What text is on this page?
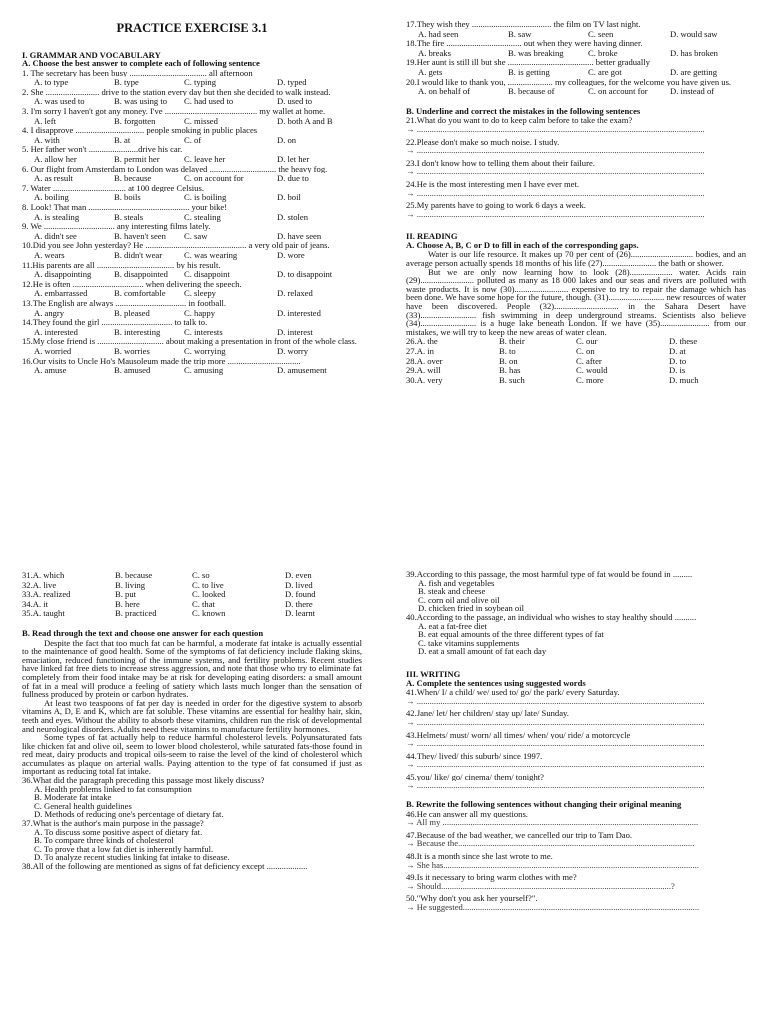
PRACTICE EXERCISE 3.1
I. GRAMMAR AND VOCABULARY
A. Choose the best answer to complete each of following sentence
1. The secretary has been busy .................................... all afternoon
A. to type	B. type	C. typing	D. typed
2. She ......................... drive to the station every day but then she decided to walk instead.
A. was used to	B. was using to	C. had used to	D. used to
3. I'm sorry I haven't got any money. I've ........................................... my wallet at home.
A. left	B. forgotten	C. missed	D. both A and B
4. I disapprove ................................ people smoking in public places
A. with	B. at	C. of	D. on
5. Her father won't .......................drive his car.
A. allow her	B. permit her	C. leave her	D. let her
6. Our flight from Amsterdam to London was delayed ............................... the heavy fog.
A. as result	B. because	C. on account for	D. due to
7. Water .................................. at 100 degree Celsius.
A. boiling	B. boils	C. is boiling	D. boil
8. Look! That man ............................................... your bike!
A. is stealing	B. steals	C. stealing	D. stolen
9. We ................................. any interesting films lately.
A. didn't see	B. haven't seen	C. saw	D. have seen
10.Did you see John yesterday? He ............................................... a very old pair of jeans.
A. wears	B. didn't wear	C. was wearing	D. wore
11.His parents are all .................................... by his result.
A. disappointing	B. disappointed	C. disappoint	D. to disappoint
12.He is often ................................. when delivering the speech.
A. embarrassed	B. comfortable	C. sleepy	D. relaxed
13.The English are always ................................. in football.
A. angry	B. pleased	C. happy	D. interested
14.They found the girl ................................. to talk to.
A. interested	B. interesting	C. interests	D. interest
15.My close friend is ............................... about making a presentation in front of the whole class.
A. worried	B. worries	C. worrying	D. worry
16.Our visits to Uncle Ho's Mausoleum made the trip more ..................................
A. amuse	B. amused	C. amusing	D. amusement
17.They wish they ..................................... the film on TV last night.
A. had seen	B. saw	C. seen	D. would saw
18.The fire ................................... out when they were having dinner.
A. breaks	B. was breaking	C. broke	D. has broken
19.Her aunt is still ill but she ........................................ better gradually
A. gets	B. is getting	C. are got	D. are getting
20.I would like to thank you, ..................... my colleagues, for the welcome you have given us.
A. on behalf of	B. because of	C. on account for	D. instead of
B. Underline and correct the mistakes in the following sentences
21.What do you want to do to keep calm before to take the exam?
→ ......................................................................................................................................
22.Please don't make so much noise. I study.
→ ......................................................................................................................................
23.I don't know how to telling them about their failure.
→ ......................................................................................................................................
24.He is the most interesting men I have ever met.
→ ......................................................................................................................................
25.My parents have to going to work 6 days a week.
→ ......................................................................................................................................
II. READING
A. Choose A, B, C or D to fill in each of the corresponding gaps.
Water is our life resource. It makes up 70 per cent of (26)............................. bodies, and an average person actually spends 18 months of his life (27)......................... the bath or shower.
But we are only now learning how to look (28).................... water. Acids rain (29)......................... polluted as many as 18 000 lakes and our seas and rivers are polluted with waste products. It is now (30)......................... expensive to try to repair the damage which has been done. We have some hope for the future, though. (31).......................... new resources of water have been discovered. People (32).............................. in the Sahara Desert have (33).......................... fish swimming in deep underground streams. Scientists also believe (34).......................... is a huge lake beneath London. If we have (35)....................... from our mistakes, we will try to keep the new areas of water clean.
26.A. the	B. their	C. our	D. these
27.A. in	B. to	C. on	D. at
28.A. over	B. on	C. after	D. to
29.A. will	B. has	C. would	D. is
30.A. very	B. such	C. more	D. much
31.A. which	B. because	C. so	D. even
32.A. live	B. living	C. to live	D. lived
33.A. realized	B. put	C. looked	D. found
34.A. it	B. here	C. that	D. there
35.A. taught	B. practiced	C. known	D. learnt
B. Read through the text and choose one answer for each question
Despite the fact that too much fat can be harmful, a moderate fat intake is actually essential to the maintenance of good health. Some of the symptoms of fat deficiency include flaking skins, emaciation, reduced functioning of the immune systems, and fertility problems. Recent studies have linked fat free diets to increase stress aggression, and note that those who try to eliminate fat completely from their food intake may be at risk for developing eating disorders: a small amount of fat in a meal will produce a feeling of satiety which lasts much longer than the sensation of fullness produced by protein or carbon hydrates.
At least two teaspoons of fat per day is needed in order for the digestive system to absorb vitamins A, D, E and K, which are fat soluble. These vitamins are essential for healthy hair, skin, teeth and eyes. Without the ability to absorb these vitamins, children run the risk of developmental and neurological disorders. Adults need these vitamins to manufacture fertility hormones.
Some types of fat actually help to reduce harmful cholesterol levels. Polyunsaturated fats like chicken fat and olive oil, seem to lower blood cholesterol, while saturated fats-those found in red meat, dairy products and tropical oils-seem to raise the level of the kind of cholesterol which accumulates as plaque on arterial walls. Paying attention to the type of fat consumed if just as important as reducing total fat intake.
36.What did the paragraph preceding this passage most likely discuss?
A. Health problems linked to fat consumption
B. Moderate fat intake
C. General health guidelines
D. Methods of reducing one's percentage of dietary fat.
37.What is the author's main purpose in the passage?
A. To discuss some positive aspect of dietary fat.
B. To compare three kinds of cholesterol
C. To prove that a low fat diet is inherently harmful.
D. To analyze recent studies linking fat intake to disease.
38.All of the following are mentioned as signs of fat deficiency except ...................
39.According to this passage, the most harmful type of fat would be found in .........
A. fish and vegetables
B. steak and cheese
C. corn oil and olive oil
D. chicken fried in soybean oil
40.According to the passage, an individual who wishes to stay healthy should ..........
A. eat a fat-free diet
B. eat equal amounts of the three different types of fat
C. take vitamins supplements
D. eat a small amount of fat each day
III. WRITING
A. Complete the sentences using suggested words
41.When/ I/ a child/ we/ used to/ go/ the park/ every Saturday.
→ ......................................................................................................................................
42.Jane/ let/ her children/ stay up/ late/ Sunday.
→ ......................................................................................................................................
43.Helmets/ must/ worn/ all times/ when/ you/ ride/ a motorcycle
→ ......................................................................................................................................
44.They/ lived/ this suburb/ since 1997.
→ ......................................................................................................................................
45.you/ like/ go/ cinema/ them/ tonight?
→ ......................................................................................................................................
B. Rewrite the following sentences without changing their original meaning
46.He can answer all my questions.
→ All my .......................................................................................................................
47.Because of the bad weather, we cancelled our trip to Tam Dao.
→ Because the..............................................................................................................
48.It is a month since she last wrote to me.
→ She has.......................................................................................................................
49.Is it necessary to bring warm clothes with me?
→ Should...........................................................................................................?
50."Why don't you ask her yourself?".
→ He suggested..............................................................................................................
